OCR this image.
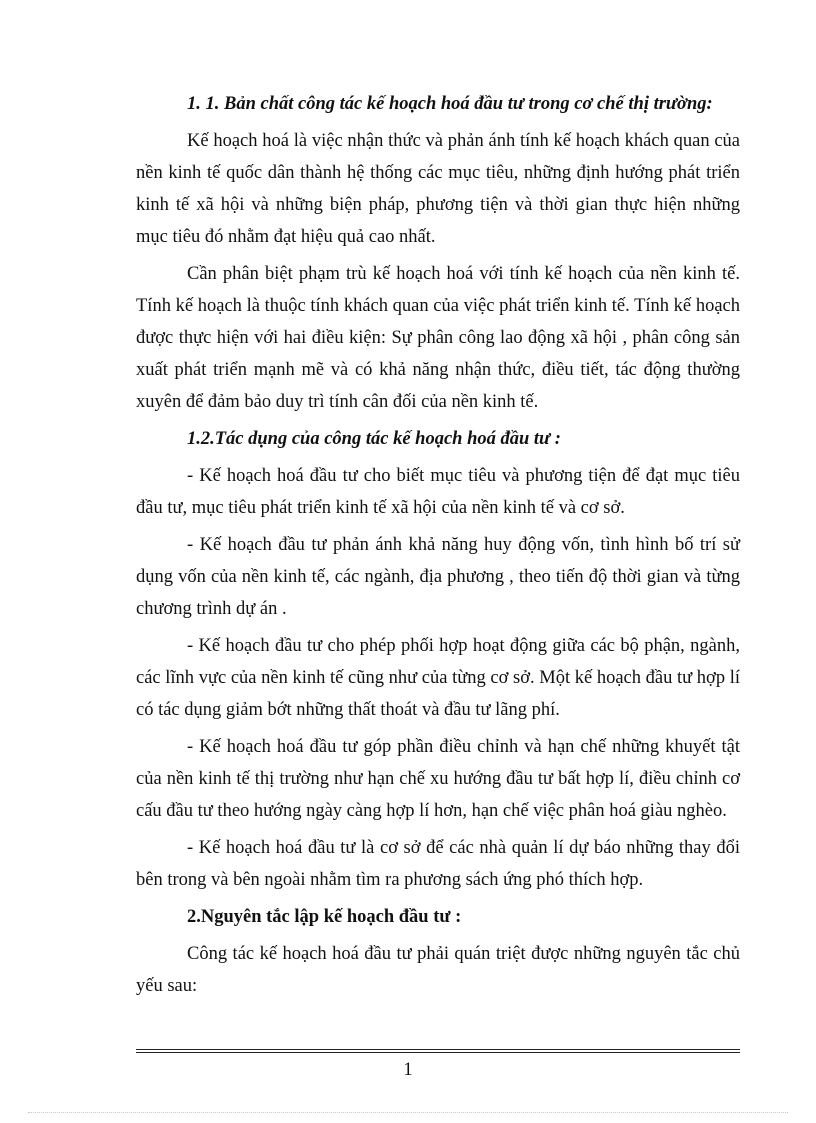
1. 1. Bản chất công tác kế hoạch hoá đầu tư trong cơ chế thị trường:

Kế hoạch hoá là việc nhận thức và phản ánh tính kế hoạch khách quan của nền kinh tế quốc dân thành hệ thống các mục tiêu, những định hướng phát triển kinh tế xã hội và những biện pháp, phương tiện và thời gian thực hiện những mục tiêu đó nhằm đạt hiệu quả cao nhất.

Cần phân biệt phạm trù kế hoạch hoá với tính kế hoạch của nền kinh tế. Tính kế hoạch là thuộc tính khách quan của việc phát triển kinh tế. Tính kế hoạch được thực hiện với hai điều kiện: Sự phân công lao động xã hội , phân công sản xuất phát triển mạnh mẽ và có khả năng nhận thức, điều tiết, tác động thường xuyên để đảm bảo duy trì tính cân đối của nền kinh tế.

1.2.Tác dụng của công tác kế hoạch hoá đầu tư :

- Kế hoạch hoá đầu tư cho biết mục tiêu và phương tiện để đạt mục tiêu đầu tư, mục tiêu phát triển kinh tế xã hội của nền kinh tế và cơ sở.

- Kế hoạch đầu tư phản ánh khả năng huy động vốn, tình hình bố trí sử dụng vốn của nền kinh tế, các ngành, địa phương , theo tiến độ thời gian và từng chương trình dự án .

- Kế hoạch đầu tư cho phép phối hợp hoạt động giữa các bộ phận, ngành, các lĩnh vực của nền kinh tế cũng như của từng cơ sở. Một kế hoạch đầu tư hợp lí có tác dụng giảm bớt những thất thoát và đầu tư lãng phí.

- Kế hoạch hoá đầu tư góp phần điều chỉnh và hạn chế những khuyết tật của nền kinh tế thị trường như hạn chế xu hướng đầu tư bất hợp lí, điều chỉnh cơ cấu đầu tư theo hướng ngày càng hợp lí hơn, hạn chế việc phân hoá giàu nghèo.

- Kế hoạch hoá đầu tư là cơ sở để các nhà quản lí dự báo những thay đổi bên trong và bên ngoài nhằm tìm ra phương sách ứng phó thích hợp.

2.Nguyên tắc lập kế hoạch đầu tư :

Công tác kế hoạch hoá đầu tư phải quán triệt được những nguyên tắc chủ yếu sau:

1
